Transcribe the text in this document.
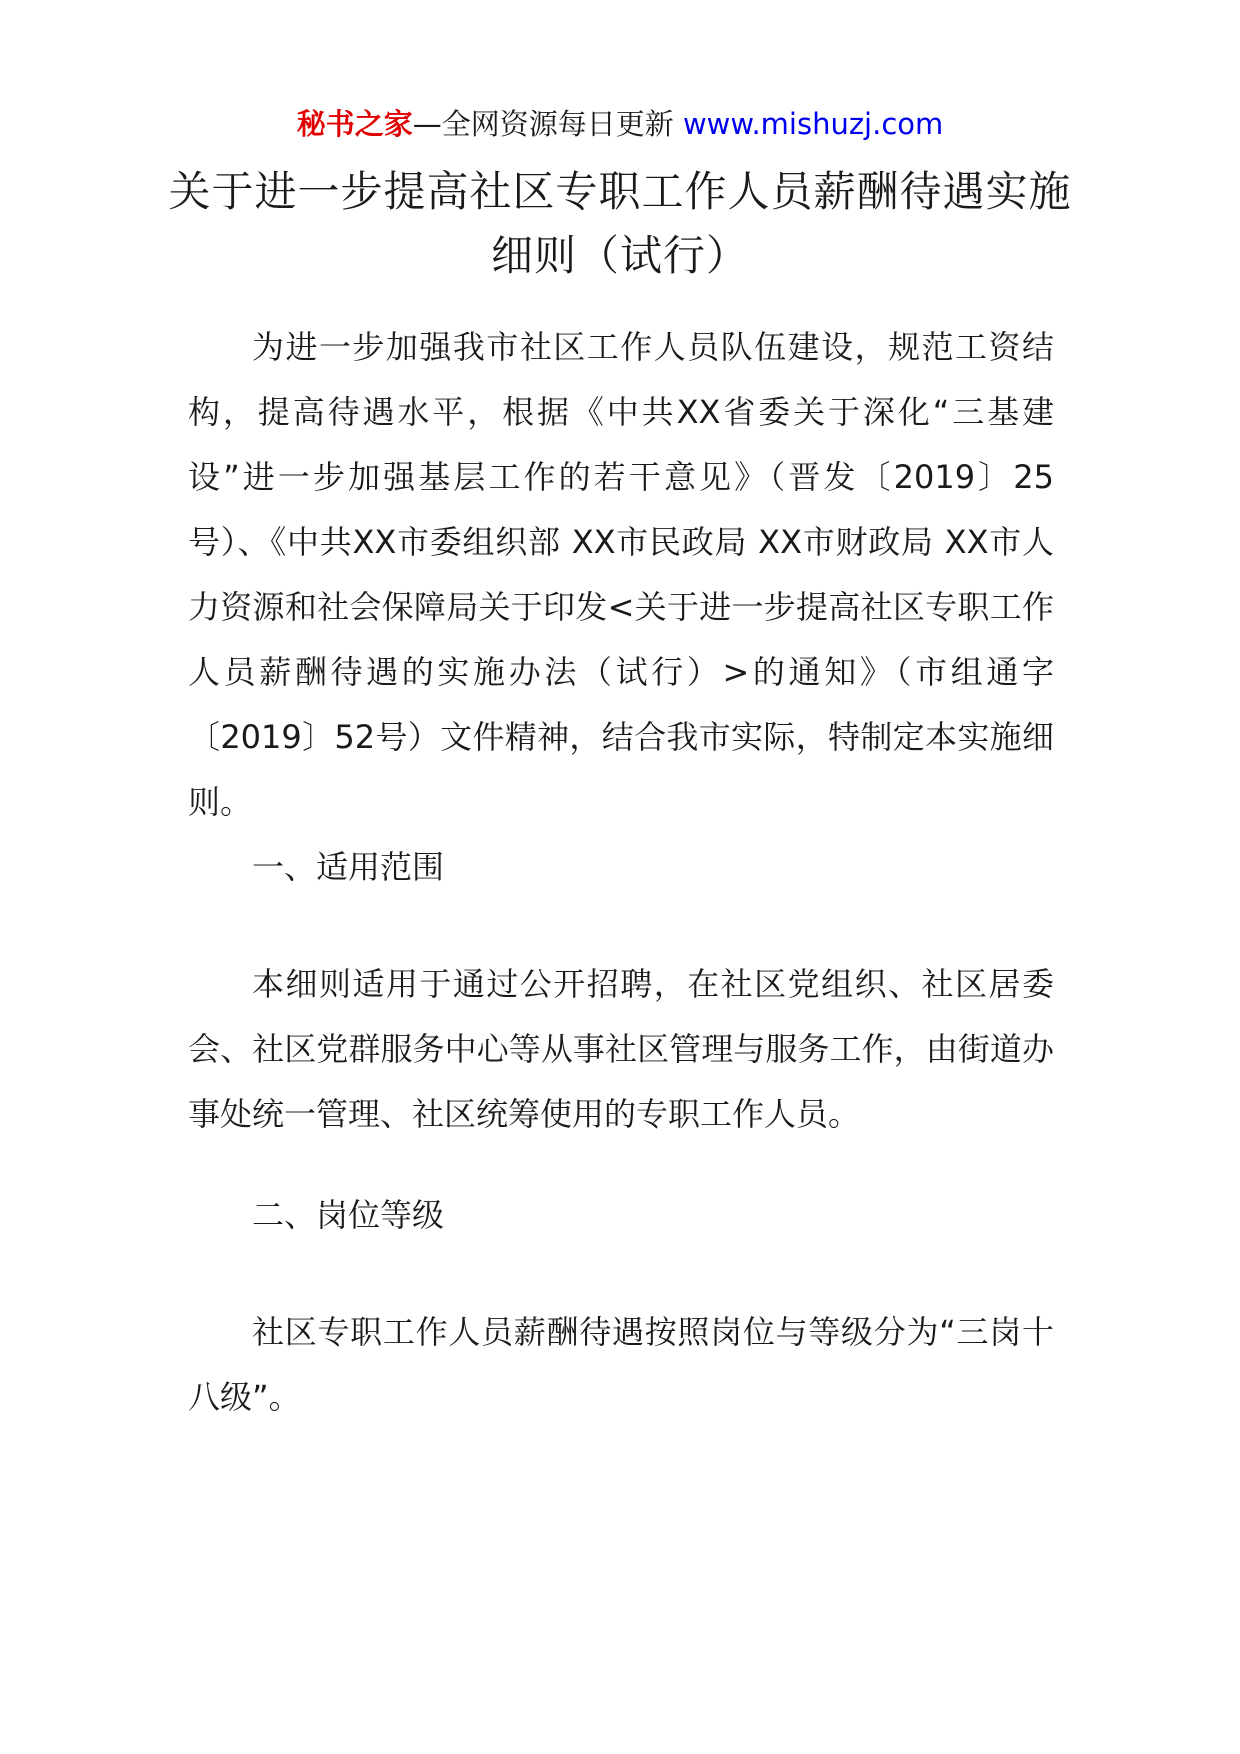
秘书之家—全网资源每日更新 www.mishuzj.com
关于进一步提高社区专职工作人员薪酬待遇实施细则（试行）

为进一步加强我市社区工作人员队伍建设，规范工资结构，提高待遇水平，根据《中共XX省委关于深化“三基建设”进一步加强基层工作的若干意见》（晋发〔2019〕25号）、《中共XX市委组织部 XX市民政局 XX市财政局 XX市人力资源和社会保障局关于印发<关于进一步提高社区专职工作人员薪酬待遇的实施办法（试行）>的通知》（市组通字〔2019〕52号）文件精神，结合我市实际，特制定本实施细则。

一、适用范围

本细则适用于通过公开招聘，在社区党组织、社区居委会、社区党群服务中心等从事社区管理与服务工作，由街道办事处统一管理、社区统筹使用的专职工作人员。

二、岗位等级

社区专职工作人员薪酬待遇按照岗位与等级分为“三岗十八级”。
